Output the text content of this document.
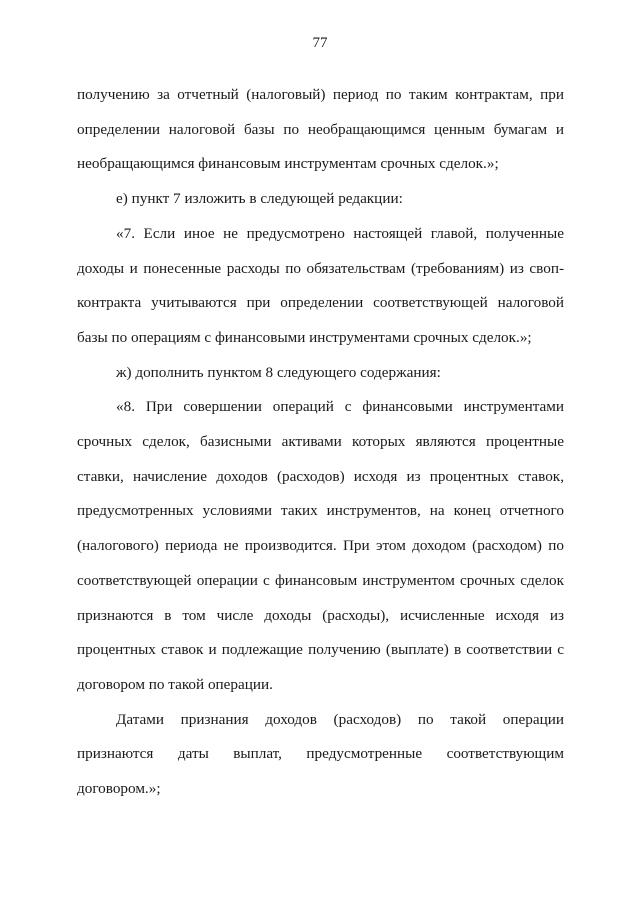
77

получению за отчетный (налоговый) период по таким контрактам, при определении налоговой базы по необращающимся ценным бумагам и необращающимся финансовым инструментам срочных сделок.»;

е) пункт 7 изложить в следующей редакции:

«7. Если иное не предусмотрено настоящей главой, полученные доходы и понесенные расходы по обязательствам (требованиям) из своп-контракта учитываются при определении соответствующей налоговой базы по операциям с финансовыми инструментами срочных сделок.»;

ж) дополнить пунктом 8 следующего содержания:

«8. При совершении операций с финансовыми инструментами срочных сделок, базисными активами которых являются процентные ставки, начисление доходов (расходов) исходя из процентных ставок, предусмотренных условиями таких инструментов, на конец отчетного (налогового) периода не производится. При этом доходом (расходом) по соответствующей операции с финансовым инструментом срочных сделок признаются в том числе доходы (расходы), исчисленные исходя из процентных ставок и подлежащие получению (выплате) в соответствии с договором по такой операции.

Датами признания доходов (расходов) по такой операции признаются даты выплат, предусмотренные соответствующим договором.»;
